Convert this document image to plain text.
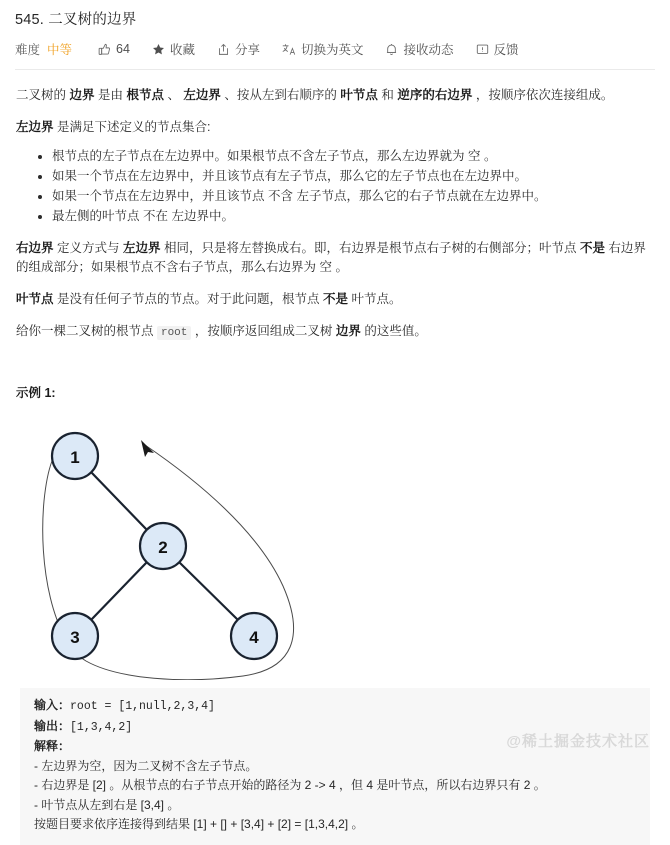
545. 二叉树的边界
难度 中等	64	收藏	分享	切换为英文	接收动态	反馈

二叉树的 边界 是由 根节点 、 左边界 、按从左到右顺序的 叶节点 和 逆序的右边界 ，按顺序依次连接组成。

左边界 是满足下述定义的节点集合:

• 根节点的左子节点在左边界中。如果根节点不含左子节点，那么左边界就为 空 。
• 如果一个节点在左边界中，并且该节点有左子节点，那么它的左子节点也在左边界中。
• 如果一个节点在左边界中，并且该节点 不含 左子节点，那么它的右子节点就在左边界中。
• 最左侧的叶节点 不在 左边界中。

右边界 定义方式与 左边界 相同，只是将左替换成右。即，右边界是根节点右子树的右侧部分；叶节点 不是 右边界的组成部分；如果根节点不含右子节点，那么右边界为 空 。

叶节点 是没有任何子节点的节点。对于此问题，根节点 不是 叶节点。

给你一棵二叉树的根节点 root ，按顺序返回组成二叉树 边界 的这些值。

示例 1:
1
2
3	4
输入：root = [1,null,2,3,4]
输出：[1,3,4,2]
解释：
- 左边界为空，因为二叉树不含左子节点。
- 右边界是 [2] 。从根节点的右子节点开始的路径为 2 -> 4 ，但 4 是叶节点，所以右边界只有 2 。
- 叶节点从左到右是 [3,4] 。
按题目要求依序连接得到结果 [1] + [] + [3,4] + [2] = [1,3,4,2] 。
@稀土掘金技术社区
